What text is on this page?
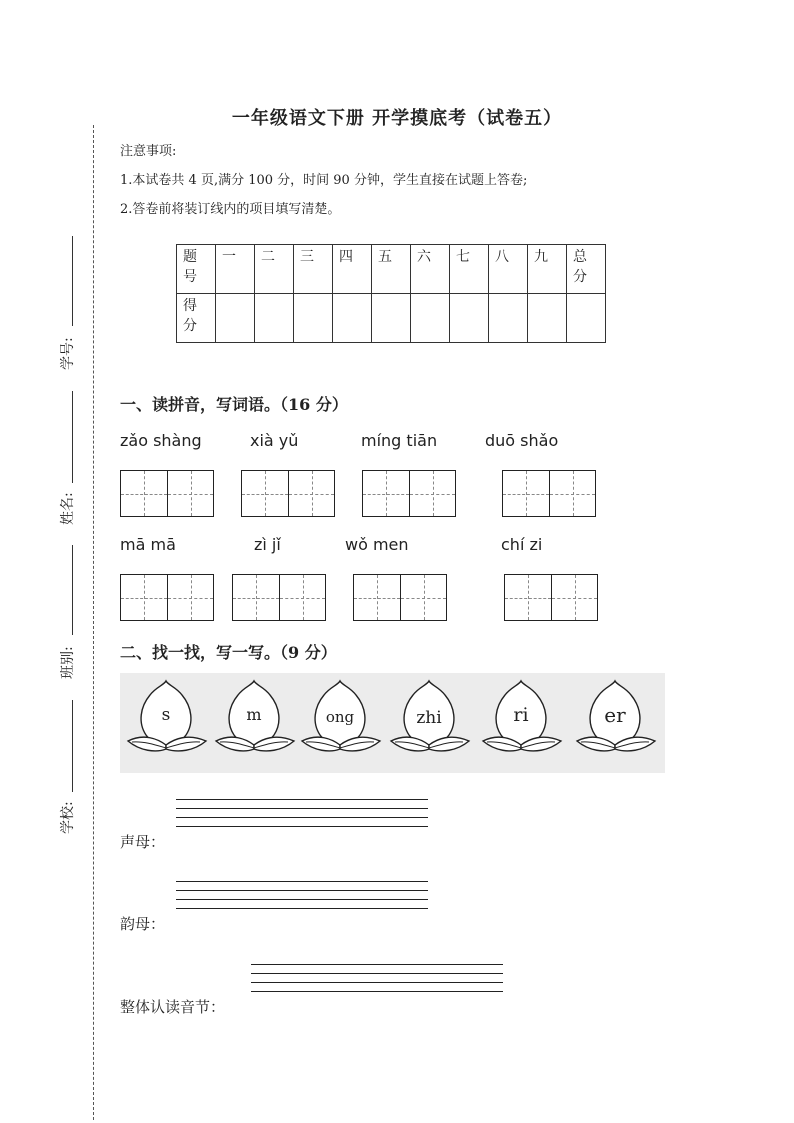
学号:
姓名:
班别:
学校:
一年级语文下册 开学摸底考（试卷五）
注意事项:
1.本试卷共 4 页,满分 100 分，时间 90 分钟，学生直接在试题上答卷;
2.答卷前将装订线内的项目填写清楚。
题号	一	二	三	四	五	六	七	八	九	总分

得分										

一、读拼音，写词语。（16 分）
zǎo shàng	xià yǔ	míng tiān	duō shǎo
mā mā	zì jǐ	wǒ men	chí zi
二、找一找，写一写。（9 分）
s	m	ong	zhi	ri	er
声母：
韵母：
整体认读音节：
